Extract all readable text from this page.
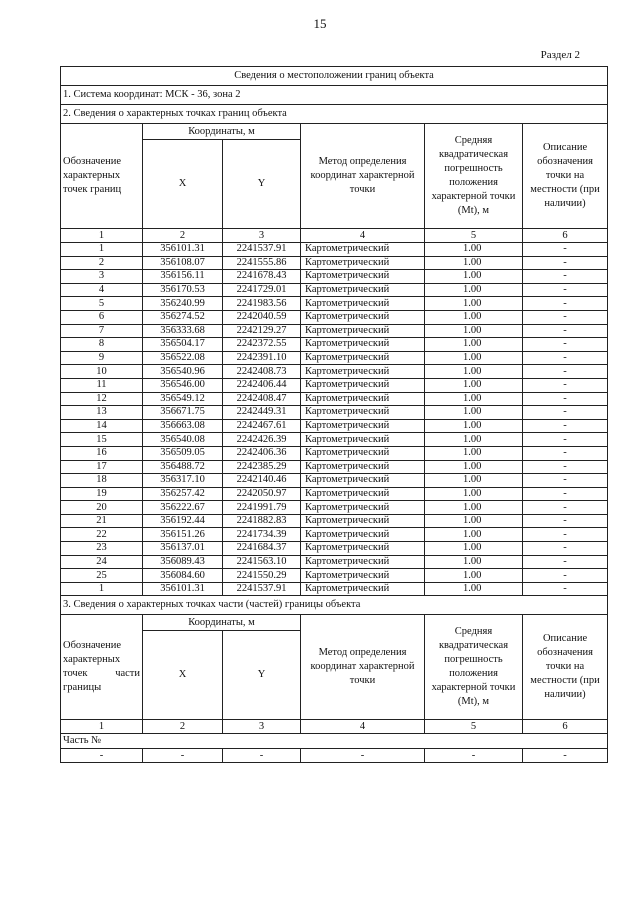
15
Раздел 2
Сведения о местоположении границ объекта					
1. Система координат: МСК - 36, зона 2					
2. Сведения о характерных точках границ объекта					
Обозначение характерных точек границ	Координаты, м		Метод определения координат характерной точки	Средняя квадратическая погрешность положения характерной точки (Mt), м	Описание обозначения точки на местности (при наличии)
	X	Y			
1	2	3	4	5	6
1	356101.31	2241537.91	Картометрический	1.00	-
2	356108.07	2241555.86	Картометрический	1.00	-
3	356156.11	2241678.43	Картометрический	1.00	-
4	356170.53	2241729.01	Картометрический	1.00	-
5	356240.99	2241983.56	Картометрический	1.00	-
6	356274.52	2242040.59	Картометрический	1.00	-
7	356333.68	2242129.27	Картометрический	1.00	-
8	356504.17	2242372.55	Картометрический	1.00	-
9	356522.08	2242391.10	Картометрический	1.00	-
10	356540.96	2242408.73	Картометрический	1.00	-
11	356546.00	2242406.44	Картометрический	1.00	-
12	356549.12	2242408.47	Картометрический	1.00	-
13	356671.75	2242449.31	Картометрический	1.00	-
14	356663.08	2242467.61	Картометрический	1.00	-
15	356540.08	2242426.39	Картометрический	1.00	-
16	356509.05	2242406.36	Картометрический	1.00	-
17	356488.72	2242385.29	Картометрический	1.00	-
18	356317.10	2242140.46	Картометрический	1.00	-
19	356257.42	2242050.97	Картометрический	1.00	-
20	356222.67	2241991.79	Картометрический	1.00	-
21	356192.44	2241882.83	Картометрический	1.00	-
22	356151.26	2241734.39	Картометрический	1.00	-
23	356137.01	2241684.37	Картометрический	1.00	-
24	356089.43	2241563.10	Картометрический	1.00	-
25	356084.60	2241550.29	Картометрический	1.00	-
1	356101.31	2241537.91	Картометрический	1.00	-
3. Сведения о характерных точках части (частей) границы объекта					
Обозначение характерных точек части границы	Координаты, м		Метод определения координат характерной точки	Средняя квадратическая погрешность положения характерной точки (Mt), м	Описание обозначения точки на местности (при наличии)
	X	Y			
1	2	3	4	5	6
Часть №					
-	-	-	-	-	-
